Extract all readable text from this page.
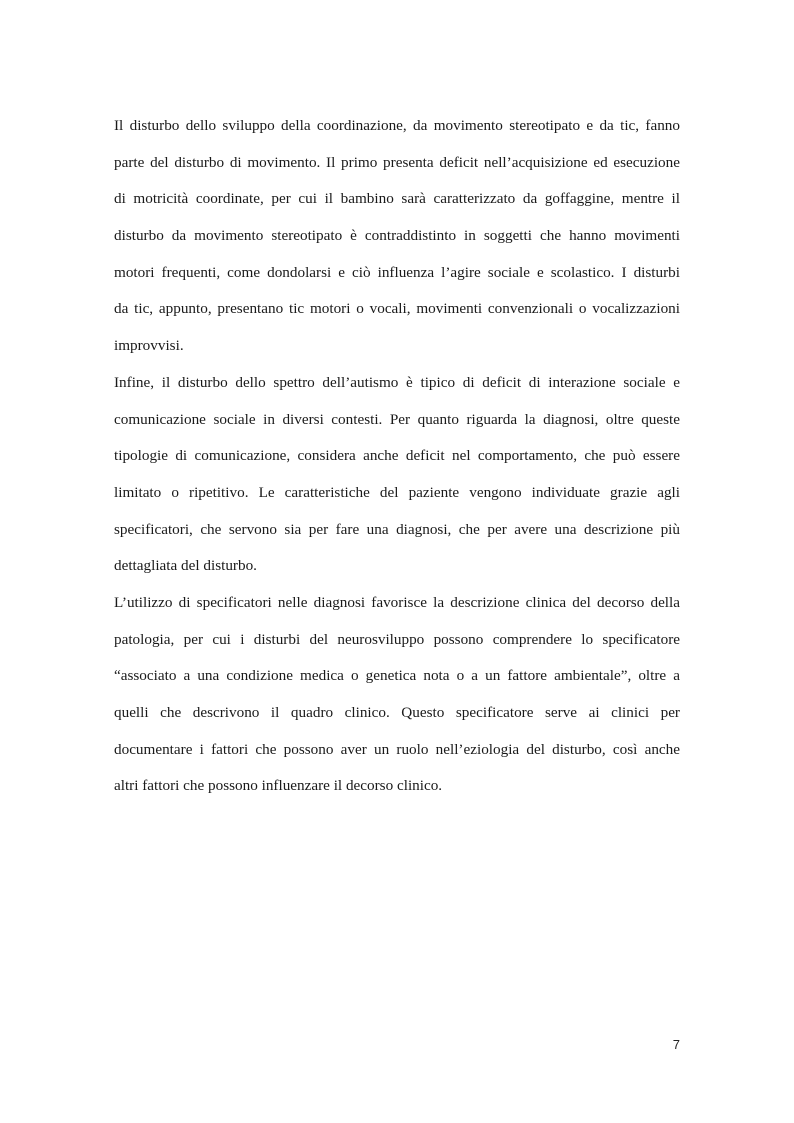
Il disturbo dello sviluppo della coordinazione, da movimento stereotipato e da tic, fanno
parte del disturbo di movimento. Il primo presenta deficit nell’acquisizione ed esecuzione
di motricità coordinate, per cui il bambino sarà caratterizzato da goffaggine, mentre il
disturbo da movimento stereotipato è contraddistinto in soggetti che hanno movimenti
motori frequenti, come dondolarsi e ciò influenza l’agire sociale e scolastico. I disturbi
da tic, appunto, presentano tic motori o vocali, movimenti convenzionali o vocalizzazioni
improvvisi.
Infine, il disturbo dello spettro dell’autismo è tipico di deficit di interazione sociale e
comunicazione sociale in diversi contesti. Per quanto riguarda la diagnosi, oltre queste
tipologie di comunicazione, considera anche deficit nel comportamento, che può essere
limitato o ripetitivo. Le caratteristiche del paziente vengono individuate grazie agli
specificatori, che servono sia per fare una diagnosi, che per avere una descrizione più
dettagliata del disturbo.
L’utilizzo di specificatori nelle diagnosi favorisce la descrizione clinica del decorso della
patologia, per cui i disturbi del neurosviluppo possono comprendere lo specificatore
“associato a una condizione medica o genetica nota o a un fattore ambientale”, oltre a
quelli che descrivono il quadro clinico. Questo specificatore serve ai clinici per
documentare i fattori che possono aver un ruolo nell’eziologia del disturbo, così anche
altri fattori che possono influenzare il decorso clinico.
7
